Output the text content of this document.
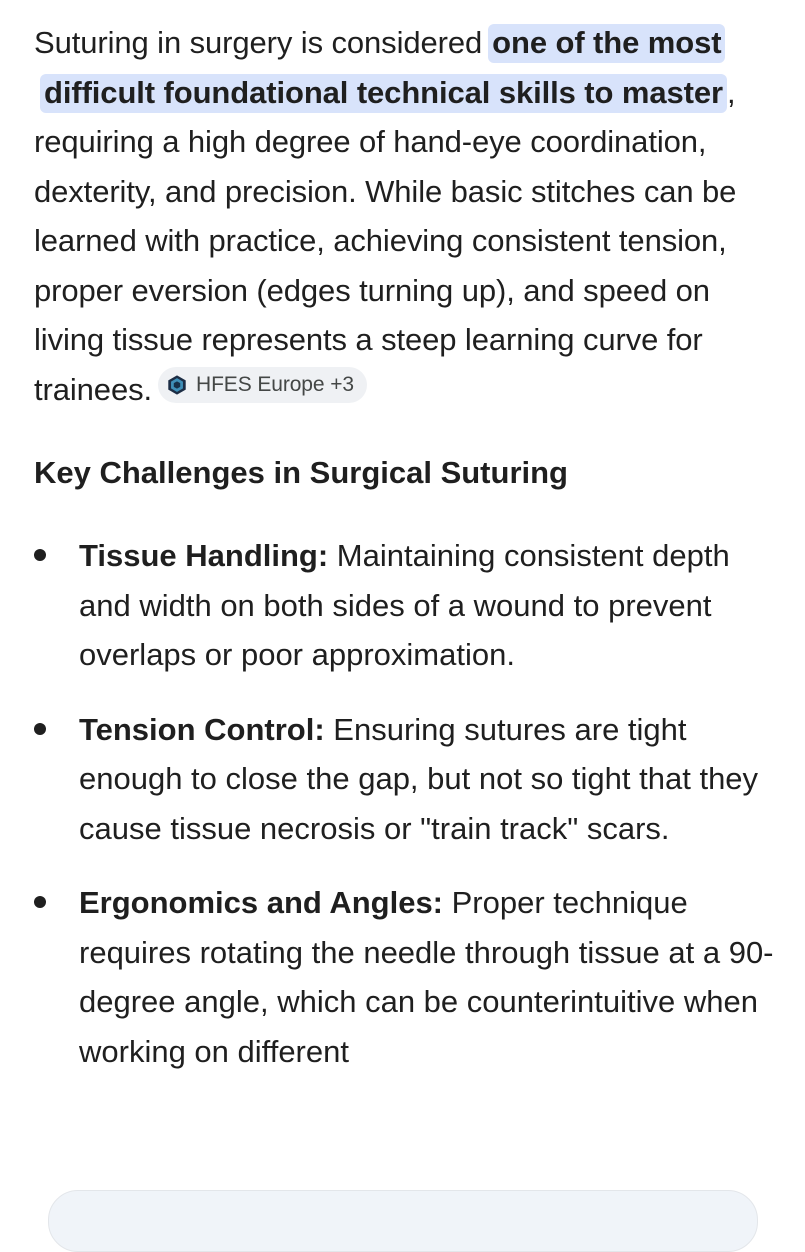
Suturing in surgery is considered one of the most difficult foundational technical skills to master , requiring a high degree of hand-eye coordination, dexterity, and precision. While basic stitches can be learned with practice, achieving consistent tension, proper eversion (edges turning up), and speed on living tissue represents a steep learning curve for trainees. HFES Europe +3

Key Challenges in Surgical Suturing
Tissue Handling: Maintaining consistent depth and width on both sides of a wound to prevent overlaps or poor approximation.
Tension Control: Ensuring sutures are tight enough to close the gap, but not so tight that they cause tissue necrosis or "train track" scars.
Ergonomics and Angles: Proper technique requires rotating the needle through tissue at a 90-degree angle, which can be counterintuitive when working on different
